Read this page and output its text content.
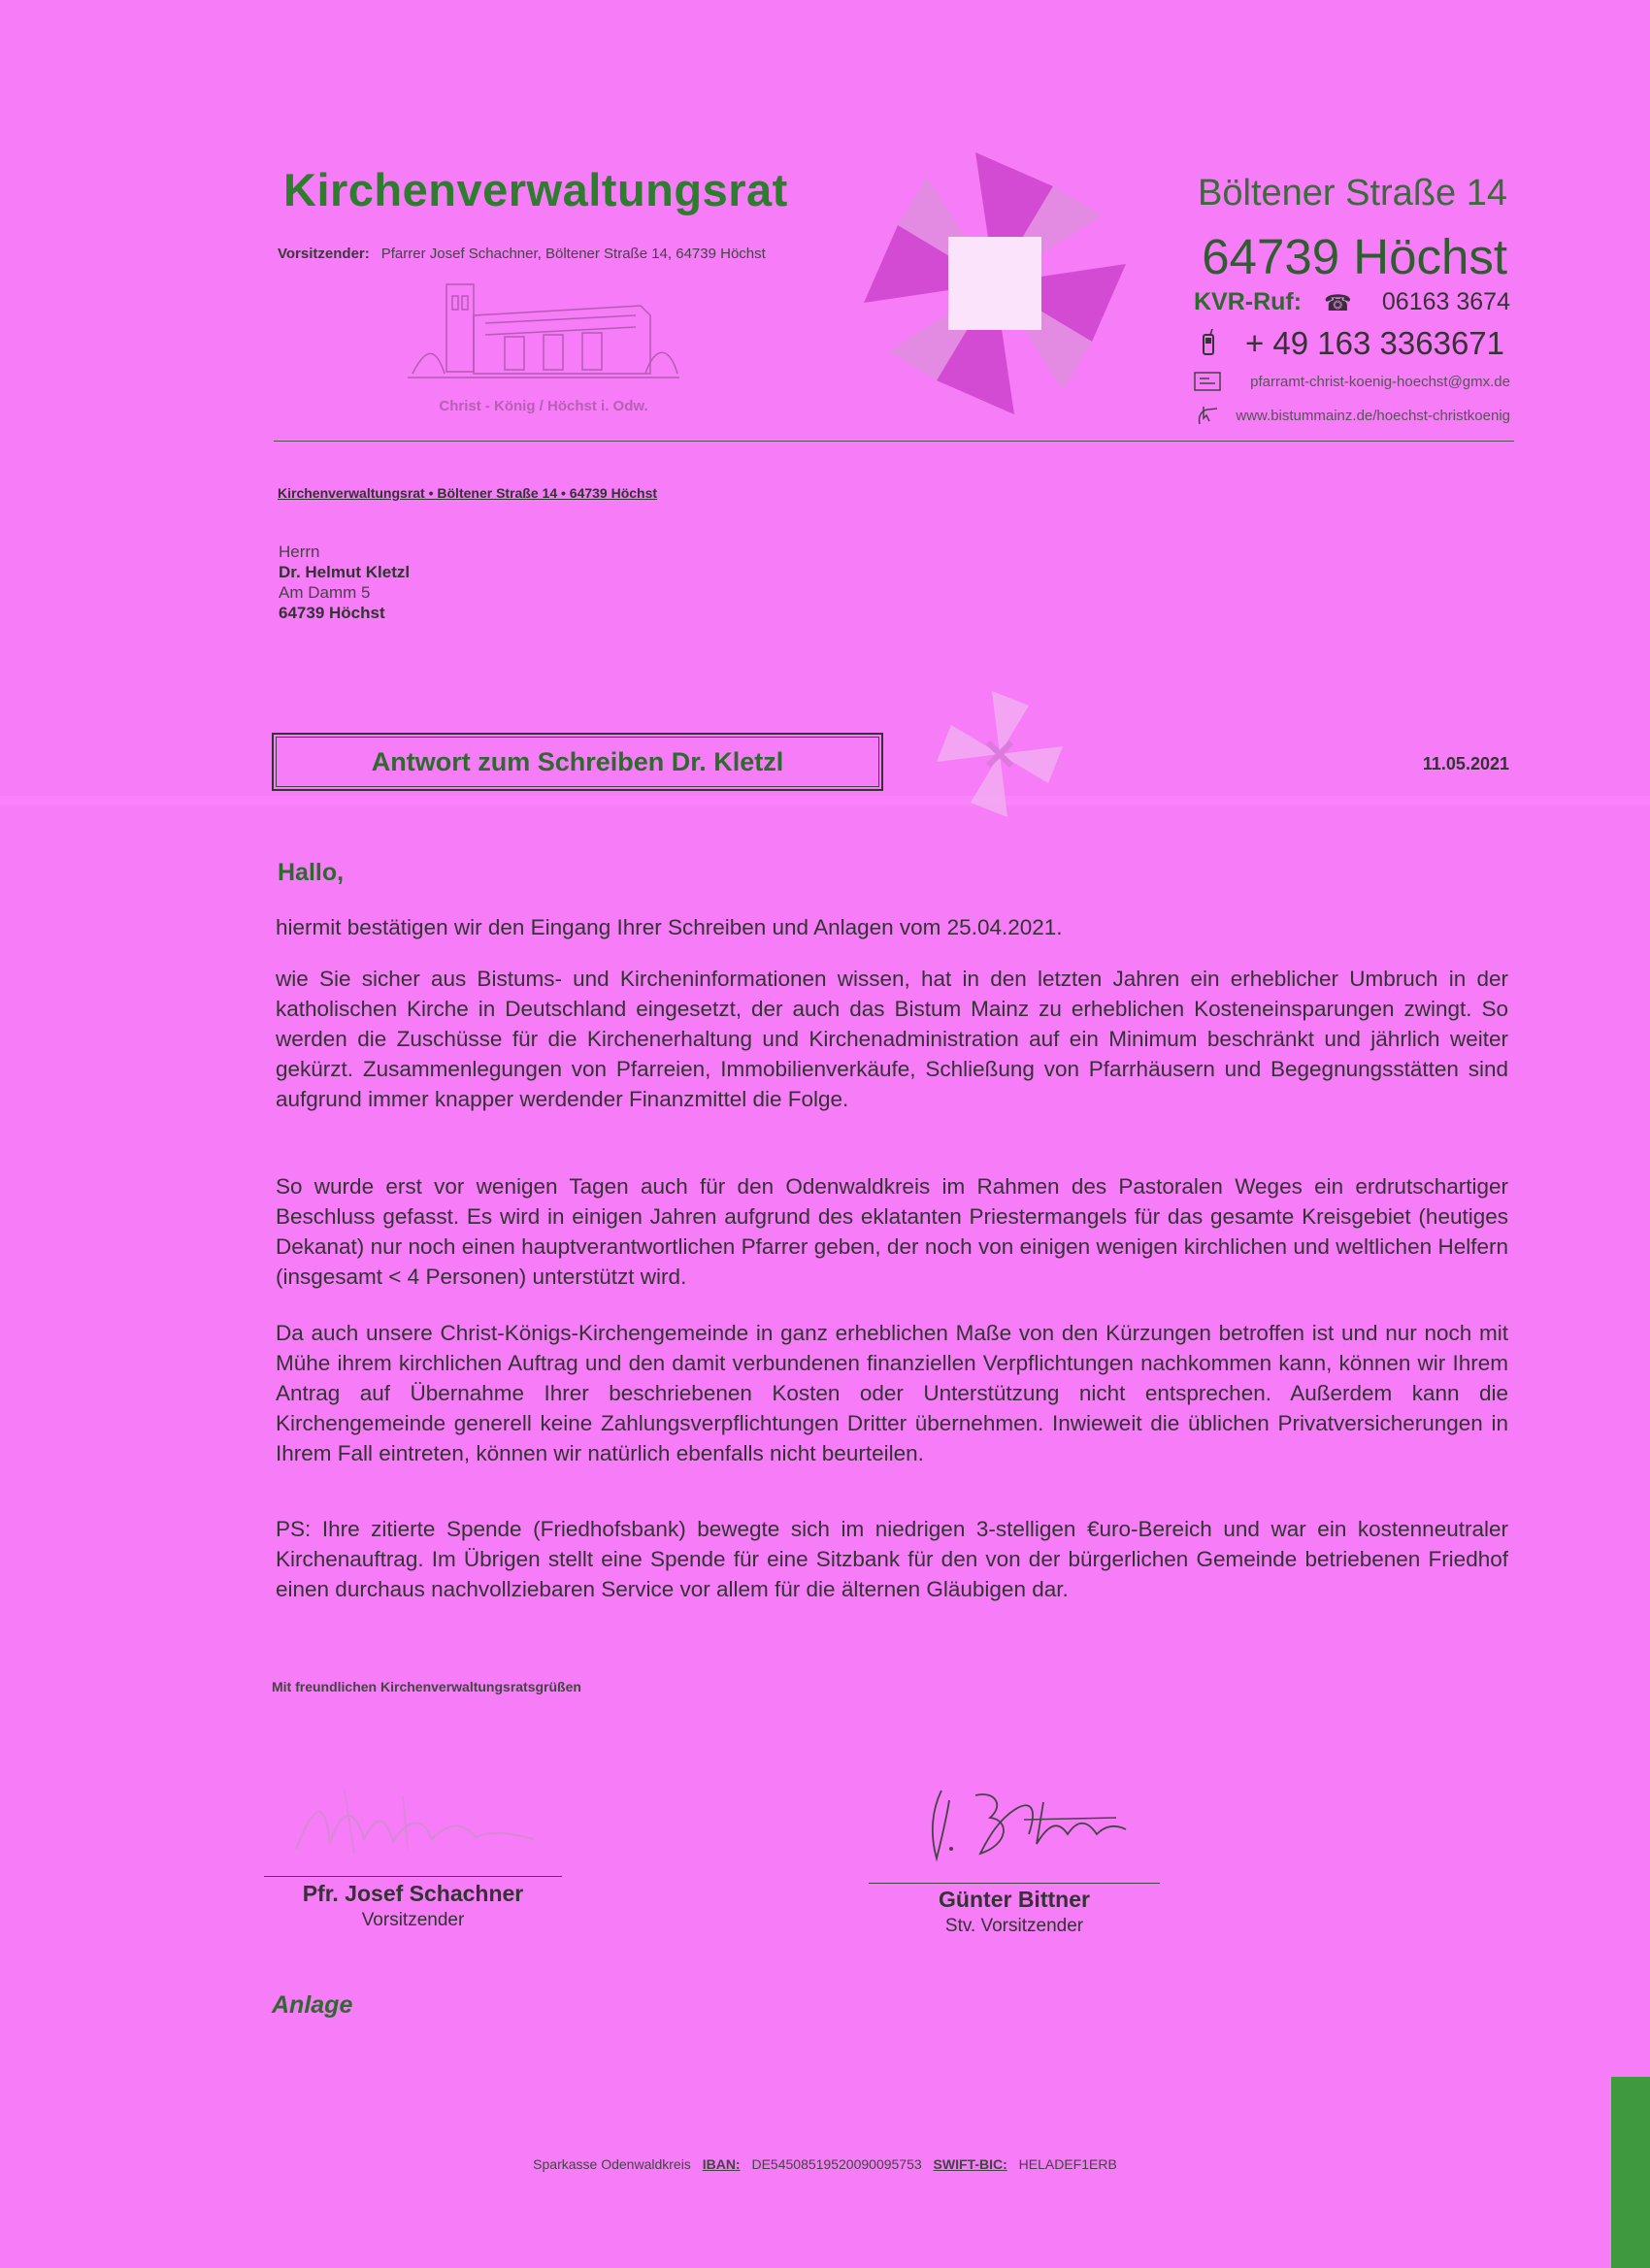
Kirchenverwaltungsrat
Vorsitzender: Pfarrer Josef Schachner, Böltener Straße 14, 64739 Höchst
Christ - König / Höchst i. Odw.
Böltener Straße 14
64739 Höchst
KVR-Ruf: ☎ 06163 3674
+ 49 163 3363671
pfarramt-christ-koenig-hoechst@gmx.de
www.bistummainz.de/hoechst-christkoenig
Kirchenverwaltungsrat • Böltener Straße 14 • 64739 Höchst
Herrn
Dr. Helmut Kletzl
Am Damm 5
64739 Höchst
Antwort zum Schreiben Dr. Kletzl	11.05.2021
Hallo,
hiermit bestätigen wir den Eingang Ihrer Schreiben und Anlagen vom 25.04.2021.
wie Sie sicher aus Bistums- und Kircheninformationen wissen, hat in den letzten Jahren ein erheblicher Umbruch in der katholischen Kirche in Deutschland eingesetzt, der auch das Bistum Mainz zu erheblichen Kosteneinsparungen zwingt. So werden die Zuschüsse für die Kirchenerhaltung und Kirchenadministration auf ein Minimum beschränkt und jährlich weiter gekürzt. Zusammenlegungen von Pfarreien, Immobilienverkäufe, Schließung von Pfarrhäusern und Begegnungsstätten sind aufgrund immer knapper werdender Finanzmittel die Folge.
So wurde erst vor wenigen Tagen auch für den Odenwaldkreis im Rahmen des Pastoralen Weges ein erdrutschartiger Beschluss gefasst. Es wird in einigen Jahren aufgrund des eklatanten Priestermangels für das gesamte Kreisgebiet (heutiges Dekanat) nur noch einen hauptverantwortlichen Pfarrer geben, der noch von einigen wenigen kirchlichen und weltlichen Helfern (insgesamt < 4 Personen) unterstützt wird.
Da auch unsere Christ-Königs-Kirchengemeinde in ganz erheblichen Maße von den Kürzungen betroffen ist und nur noch mit Mühe ihrem kirchlichen Auftrag und den damit verbundenen finanziellen Verpflichtungen nachkommen kann, können wir Ihrem Antrag auf Übernahme Ihrer beschriebenen Kosten oder Unterstützung nicht entsprechen. Außerdem kann die Kirchengemeinde generell keine Zahlungsverpflichtungen Dritter übernehmen. Inwieweit die üblichen Privatversicherungen in Ihrem Fall eintreten, können wir natürlich ebenfalls nicht beurteilen.
PS: Ihre zitierte Spende (Friedhofsbank) bewegte sich im niedrigen 3-stelligen €uro-Bereich und war ein kostenneutraler Kirchenauftrag. Im Übrigen stellt eine Spende für eine Sitzbank für den von der bürgerlichen Gemeinde betriebenen Friedhof einen durchaus nachvollziebaren Service vor allem für die älternen Gläubigen dar.
Mit freundlichen Kirchenverwaltungsratsgrüßen
Pfr. Josef Schachner
Vorsitzender
Günter Bittner
Stv. Vorsitzender
Anlage
Sparkasse Odenwaldkreis IBAN: DE54508519520090095753 SWIFT-BIC: HELADEF1ERB
